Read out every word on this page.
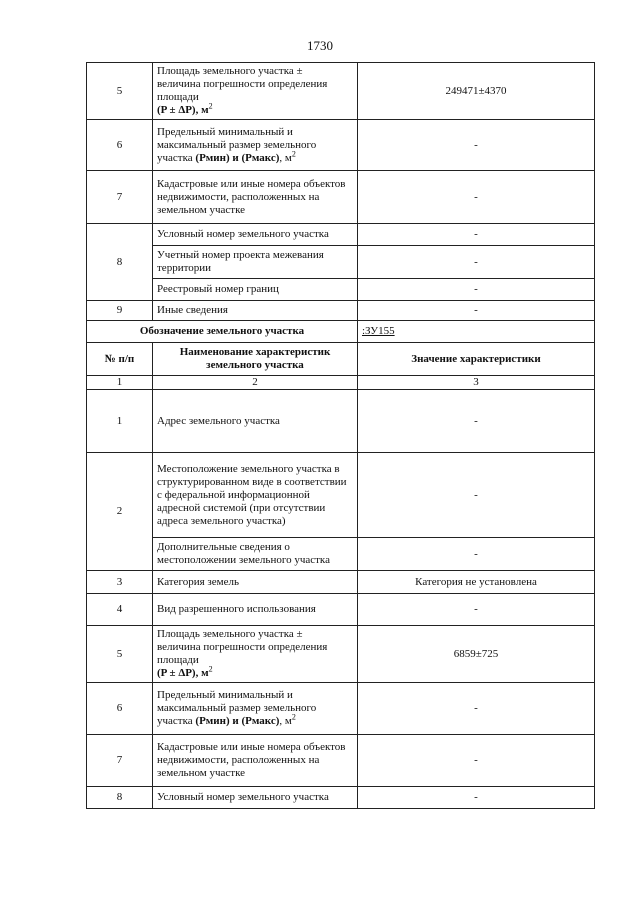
1730
5	Площадь земельного участка ±
величина погрешности определения
площади
(P ± ΔP), $м^2$	249471±4370
6	Предельный минимальный и максимальный размер земельного участка (Pмин) и (Pмакс), $м^2$	-
7	Кадастровые или иные номера объектов недвижимости, расположенных на земельном участке	-
8	Условный номер земельного участка	-
	Учетный номер проекта межевания территории	-
	Реестровый номер границ	-
9	Иные сведения	-
Обозначение земельного участка		:ЗУ155
№ п/п	Наименование характеристик земельного участка	Значение характеристики
1	2	3
1	Адрес земельного участка	-
2	Местоположение земельного участка в структурированном виде в соответствии с федеральной информационной адресной системой (при отсутствии адреса земельного участка)	-
	Дополнительные сведения о местоположении земельного участка	-
3	Категория земель	Категория не установлена
4	Вид разрешенного использования	-
5	Площадь земельного участка ±
величина погрешности определения
площади
(P ± ΔP), $м^2$	6859±725
6	Предельный минимальный и максимальный размер земельного участка (Pмин) и (Pмакс), $м^2$	-
7	Кадастровые или иные номера объектов недвижимости, расположенных на земельном участке	-
8	Условный номер земельного участка	-
